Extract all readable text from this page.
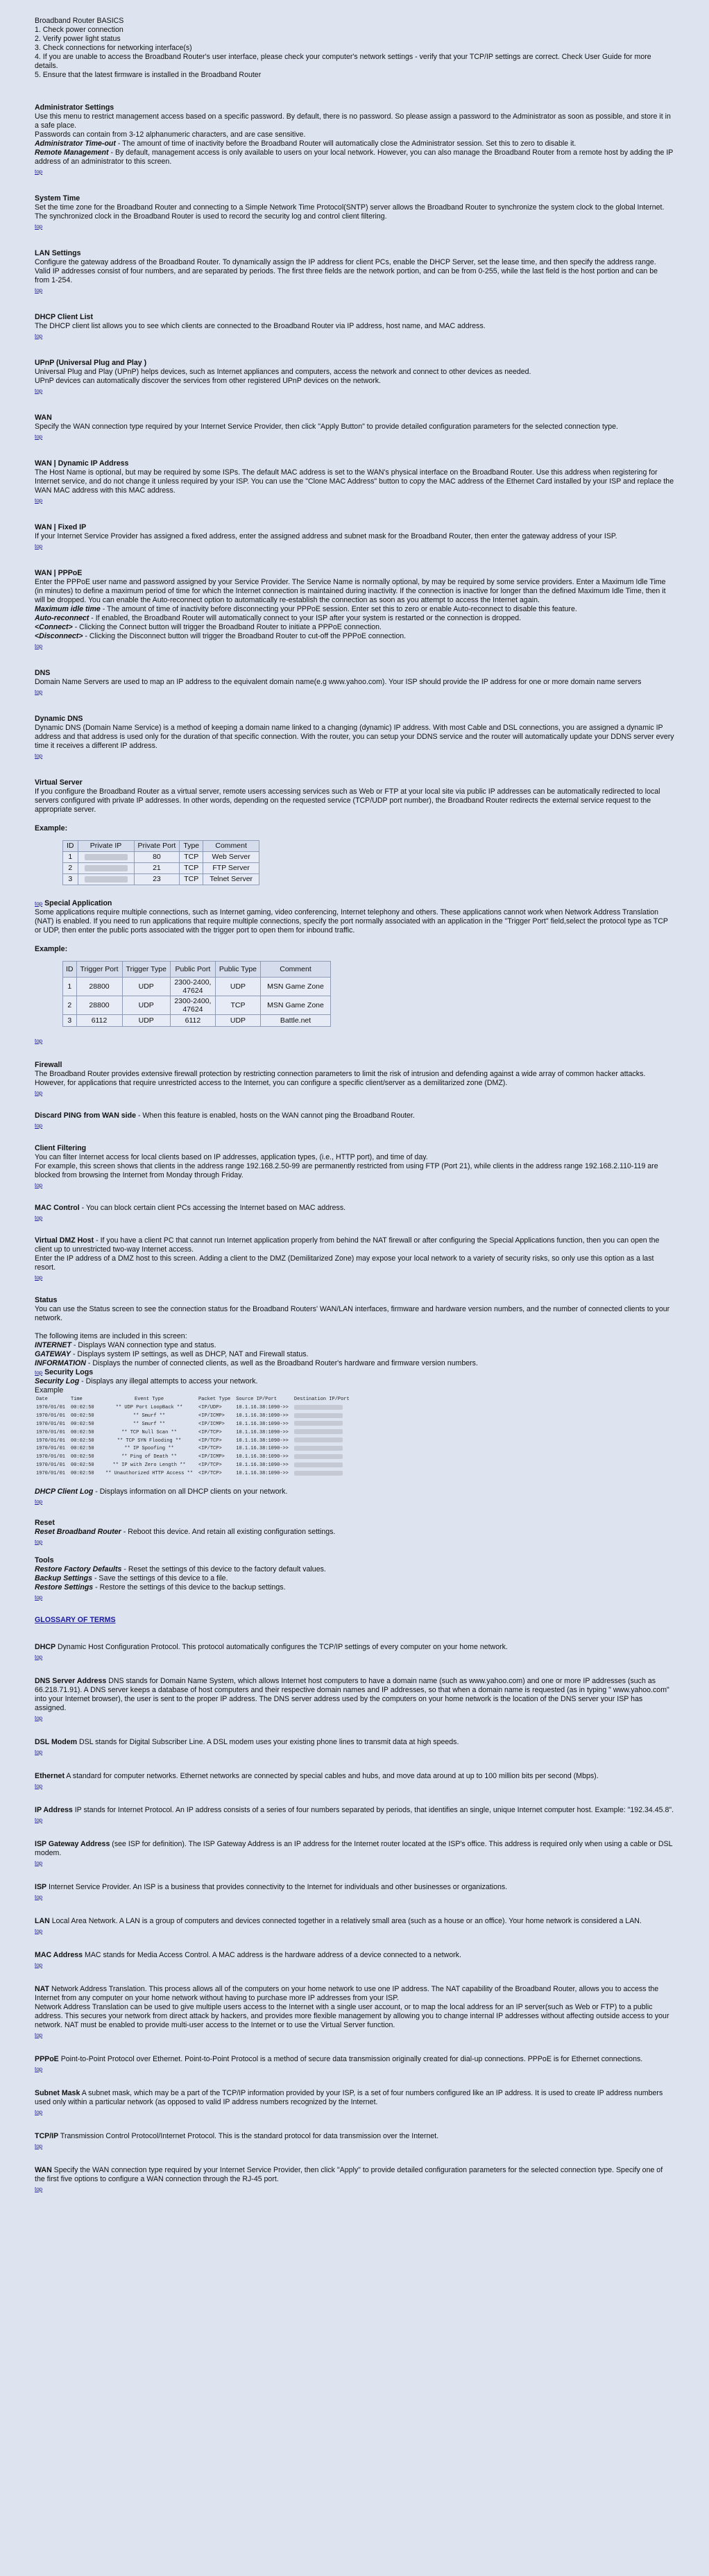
Broadband Router BASICS
1. Check power connection
2. Verify power light status
3. Check connections for networking interface(s)
4. If you are unable to access the Broadband Router's user interface, please check your computer's network settings - verify that your TCP/IP settings are correct. Check User Guide for more details.
5. Ensure that the latest firmware is installed in the Broadband Router
Administrator Settings
Use this menu to restrict management access based on a specific password. By default, there is no password. So please assign a password to the Administrator as soon as possible, and store it in a safe place.
Passwords can contain from 3-12 alphanumeric characters, and are case sensitive.
Administrator Time-out - The amount of time of inactivity before the Broadband Router will automatically close the Administrator session. Set this to zero to disable it.
Remote Management - By default, management access is only available to users on your local network. However, you can also manage the Broadband Router from a remote host by adding the IP address of an administrator to this screen.
top
System Time
Set the time zone for the Broadband Router and connecting to a Simple Network Time Protocol(SNTP) server allows the Broadband Router to synchronize the system clock to the global Internet. The synchronized clock in the Broadband Router is used to record the security log and control client filtering.
top
LAN Settings
Configure the gateway address of the Broadband Router. To dynamically assign the IP address for client PCs, enable the DHCP Server, set the lease time, and then specify the address range.
Valid IP addresses consist of four numbers, and are separated by periods. The first three fields are the network portion, and can be from 0-255, while the last field is the host portion and can be from 1-254.
top
DHCP Client List
The DHCP client list allows you to see which clients are connected to the Broadband Router via IP address, host name, and MAC address.
top
UPnP (Universal Plug and Play )
Universal Plug and Play (UPnP) helps devices, such as Internet appliances and computers, access the network and connect to other devices as needed.
UPnP devices can automatically discover the services from other registered UPnP devices on the network.
top
WAN
Specify the WAN connection type required by your Internet Service Provider, then click "Apply Button" to provide detailed configuration parameters for the selected connection type.
top
WAN | Dynamic IP Address
The Host Name is optional, but may be required by some ISPs. The default MAC address is set to the WAN's physical interface on the Broadband Router. Use this address when registering for Internet service, and do not change it unless required by your ISP. You can use the "Clone MAC Address" button to copy the MAC address of the Ethernet Card installed by your ISP and replace the WAN MAC address with this MAC address.
top
WAN | Fixed IP
If your Internet Service Provider has assigned a fixed address, enter the assigned address and subnet mask for the Broadband Router, then enter the gateway address of your ISP.
top
WAN | PPPoE
Enter the PPPoE user name and password assigned by your Service Provider. The Service Name is normally optional, by may be required by some service providers. Enter a Maximum Idle Time (in minutes) to define a maximum period of time for which the Internet connection is maintained during inactivity. If the connection is inactive for longer than the defined Maximum Idle Time, then it will be dropped. You can enable the Auto-reconnect option to automatically re-establish the connection as soon as you attempt to access the Internet again.
Maximum idle time - The amount of time of inactivity before disconnecting your PPPoE session. Enter set this to zero or enable Auto-reconnect to disable this feature.
Auto-reconnect - If enabled, the Broadband Router will automatically connect to your ISP after your system is restarted or the connection is dropped.
<Connect> - Clicking the Connect button will trigger the Broadband Router to initiate a PPPoE connection.
<Disconnect> - Clicking the Disconnect button will trigger the Broadband Router to cut-off the PPPoE connection.
top
DNS
Domain Name Servers are used to map an IP address to the equivalent domain name(e.g www.yahoo.com). Your ISP should provide the IP address for one or more domain name servers
top
Dynamic DNS
Dynamic DNS (Domain Name Service) is a method of keeping a domain name linked to a changing (dynamic) IP address. With most Cable and DSL connections, you are assigned a dynamic IP address and that address is used only for the duration of that specific connection. With the router, you can setup your DDNS service and the router will automatically update your DDNS server every time it receives a different IP address.
top
Virtual Server
If you configure the Broadband Router as a virtual server, remote users accessing services such as Web or FTP at your local site via public IP addresses can be automatically redirected to local servers configured with private IP addresses. In other words, depending on the requested service (TCP/UDP port number), the Broadband Router redirects the external service request to the appropriate server.
Example:
ID	Private IP	Private Port	Type	Comment
1		80	TCP	Web Server
2		21	TCP	FTP Server
3		23	TCP	Telnet Server
top Special Application
Some applications require multiple connections, such as Internet gaming, video conferencing, Internet telephony and others. These applications cannot work when Network Address Translation (NAT) is enabled. If you need to run applications that require multiple connections, specify the port normally associated with an application in the "Trigger Port" field,select the protocol type as TCP or UDP, then enter the public ports associated with the trigger port to open them for inbound traffic.
Example:
ID	Trigger Port	Trigger Type	Public Port	Public Type	Comment
1	28800	UDP	2300-2400, 47624	UDP	MSN Game Zone
2	28800	UDP	2300-2400, 47624	TCP	MSN Game Zone
3	6112	UDP	6112	UDP	Battle.net
top
Firewall
The Broadband Router provides extensive firewall protection by restricting connection parameters to limit the risk of intrusion and defending against a wide array of common hacker attacks. However, for applications that require unrestricted access to the Internet, you can configure a specific client/server as a demilitarized zone (DMZ).
top
Discard PING from WAN side - When this feature is enabled, hosts on the WAN cannot ping the Broadband Router.
top
Client Filtering
You can filter Internet access for local clients based on IP addresses, application types, (i.e., HTTP port), and time of day.
For example, this screen shows that clients in the address range 192.168.2.50-99 are permanently restricted from using FTP (Port 21), while clients in the address range 192.168.2.110-119 are blocked from browsing the Internet from Monday through Friday.
top
MAC Control - You can block certain client PCs accessing the Internet based on MAC address.
top
Virtual DMZ Host - If you have a client PC that cannot run Internet application properly from behind the NAT firewall or after configuring the Special Applications function, then you can open the client up to unrestricted two-way Internet access.
Enter the IP address of a DMZ host to this screen. Adding a client to the DMZ (Demilitarized Zone) may expose your local network to a variety of security risks, so only use this option as a last resort.
top
Status
You can use the Status screen to see the connection status for the Broadband Routers' WAN/LAN interfaces, firmware and hardware version numbers, and the number of connected clients to your network.
The following items are included in this screen:
INTERNET - Displays WAN connection type and status.
GATEWAY - Displays system IP settings, as well as DHCP, NAT and Firewall status.
INFORMATION - Displays the number of connected clients, as well as the Broadband Router's hardware and firmware version numbers.
top Security Logs
Security Log - Displays any illegal attempts to access your network.
Example
Date	Time	Event Type	Packet Type	Source IP/Port	Destination IP/Port
1970/01/01	00:02:50	** UDP Port LoopBack **	<IP/UDP>	10.1.16.38:1090->>	
1970/01/01	00:02:50	** Smurf **	<IP/ICMP>	10.1.16.38:1090->>	
1970/01/01	00:02:50	** Smurf **	<IP/ICMP>	10.1.16.38:1090->>	
1970/01/01	00:02:50	** TCP Null Scan **	<IP/TCP>	10.1.16.38:1090->>	
1970/01/01	00:02:50	** TCP SYN Flooding **	<IP/TCP>	10.1.16.38:1090->>	
1970/01/01	00:02:50	** IP Spoofing **	<IP/TCP>	10.1.16.38:1090->>	
1970/01/01	00:02:50	** Ping of Death **	<IP/ICMP>	10.1.16.38:1090->>	
1970/01/01	00:02:50	** IP with Zero Length **	<IP/TCP>	10.1.16.38:1090->>	
1970/01/01	00:02:50	** Unauthorized HTTP Access **	<IP/TCP>	10.1.16.38:1090->>	
DHCP Client Log - Displays information on all DHCP clients on your network.
top
Reset
Reset Broadband Router - Reboot this device. And retain all existing configuration settings.
top
Tools
Restore Factory Defaults - Reset the settings of this device to the factory default values.
Backup Settings - Save the settings of this device to a file.
Restore Settings - Restore the settings of this device to the backup settings.
top
GLOSSARY OF TERMS
DHCP Dynamic Host Configuration Protocol. This protocol automatically configures the TCP/IP settings of every computer on your home network.
top
DNS Server Address DNS stands for Domain Name System, which allows Internet host computers to have a domain name (such as www.yahoo.com) and one or more IP addresses (such as 66.218.71.91). A DNS server keeps a database of host computers and their respective domain names and IP addresses, so that when a domain name is requested (as in typing " www.yahoo.com" into your Internet browser), the user is sent to the proper IP address. The DNS server address used by the computers on your home network is the location of the DNS server your ISP has assigned.
top
DSL Modem DSL stands for Digital Subscriber Line. A DSL modem uses your existing phone lines to transmit data at high speeds.
top
Ethernet A standard for computer networks. Ethernet networks are connected by special cables and hubs, and move data around at up to 100 million bits per second (Mbps).
top
IP Address IP stands for Internet Protocol. An IP address consists of a series of four numbers separated by periods, that identifies an single, unique Internet computer host. Example: "192.34.45.8".
top
ISP Gateway Address (see ISP for definition). The ISP Gateway Address is an IP address for the Internet router located at the ISP's office. This address is required only when using a cable or DSL modem.
top
ISP Internet Service Provider. An ISP is a business that provides connectivity to the Internet for individuals and other businesses or organizations.
top
LAN Local Area Network. A LAN is a group of computers and devices connected together in a relatively small area (such as a house or an office). Your home network is considered a LAN.
top
MAC Address MAC stands for Media Access Control. A MAC address is the hardware address of a device connected to a network.
top
NAT Network Address Translation. This process allows all of the computers on your home network to use one IP address. The NAT capability of the Broadband Router, allows you to access the Internet from any computer on your home network without having to purchase more IP addresses from your ISP.
Network Address Translation can be used to give multiple users access to the Internet with a single user account, or to map the local address for an IP server(such as Web or FTP) to a public address. This secures your network from direct attack by hackers, and provides more flexible management by allowing you to change internal IP addresses without affecting outside access to your network. NAT must be enabled to provide multi-user access to the Internet or to use the Virtual Server function.
top
PPPoE Point-to-Point Protocol over Ethernet. Point-to-Point Protocol is a method of secure data transmission originally created for dial-up connections. PPPoE is for Ethernet connections.
top
Subnet Mask A subnet mask, which may be a part of the TCP/IP information provided by your ISP, is a set of four numbers configured like an IP address. It is used to create IP address numbers used only within a particular network (as opposed to valid IP address numbers recognized by the Internet.
top
TCP/IP Transmission Control Protocol/Internet Protocol. This is the standard protocol for data transmission over the Internet.
top
WAN Specify the WAN connection type required by your Internet Service Provider, then click "Apply" to provide detailed configuration parameters for the selected connection type. Specify one of the first five options to configure a WAN connection through the RJ-45 port.
top
